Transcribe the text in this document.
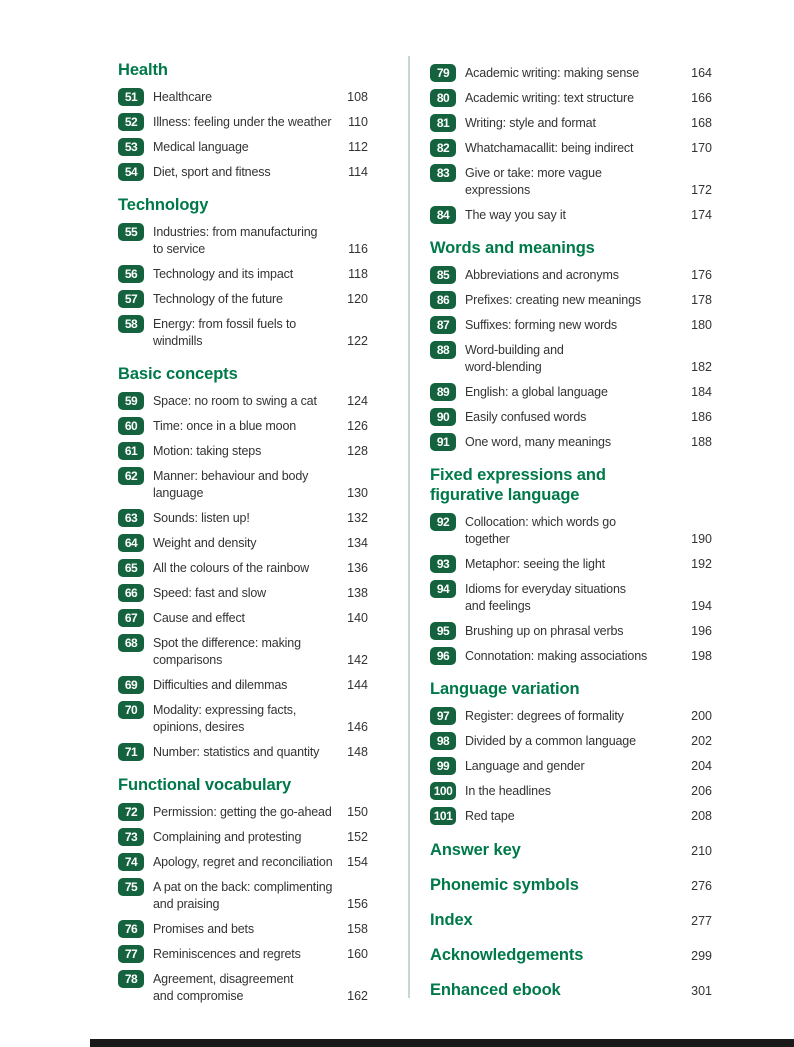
Health
51	Healthcare	108
52	Illness: feeling under the weather	110
53	Medical language	112
54	Diet, sport and fitness	114
Technology
55	Industries: from manufacturing
to service	116
56	Technology and its impact	118
57	Technology of the future	120
58	Energy: from fossil fuels to
windmills	122
Basic concepts
59	Space: no room to swing a cat	124
60	Time: once in a blue moon	126
61	Motion: taking steps	128
62	Manner: behaviour and body
language	130
63	Sounds: listen up!	132
64	Weight and density	134
65	All the colours of the rainbow	136
66	Speed: fast and slow	138
67	Cause and effect	140
68	Spot the difference: making
comparisons	142
69	Difficulties and dilemmas	144
70	Modality: expressing facts,
opinions, desires	146
71	Number: statistics and quantity	148
Functional vocabulary
72	Permission: getting the go-ahead	150
73	Complaining and protesting	152
74	Apology, regret and reconciliation	154
75	A pat on the back: complimenting
and praising	156
76	Promises and bets	158
77	Reminiscences and regrets	160
78	Agreement, disagreement
and compromise	162
79	Academic writing: making sense	164
80	Academic writing: text structure	166
81	Writing: style and format	168
82	Whatchamacallit: being indirect	170
83	Give or take: more vague
expressions	172
84	The way you say it	174
Words and meanings
85	Abbreviations and acronyms	176
86	Prefixes: creating new meanings	178
87	Suffixes: forming new words	180
88	Word-building and
word-blending	182
89	English: a global language	184
90	Easily confused words	186
91	One word, many meanings	188
Fixed expressions and
figurative language
92	Collocation: which words go
together	190
93	Metaphor: seeing the light	192
94	Idioms for everyday situations
and feelings	194
95	Brushing up on phrasal verbs	196
96	Connotation: making associations	198
Language variation
97	Register: degrees of formality	200
98	Divided by a common language	202
99	Language and gender	204
100 In the headlines	206
101 Red tape	208
Answer key	210
Phonemic symbols	276
Index	277
Acknowledgements	299
Enhanced ebook	301
